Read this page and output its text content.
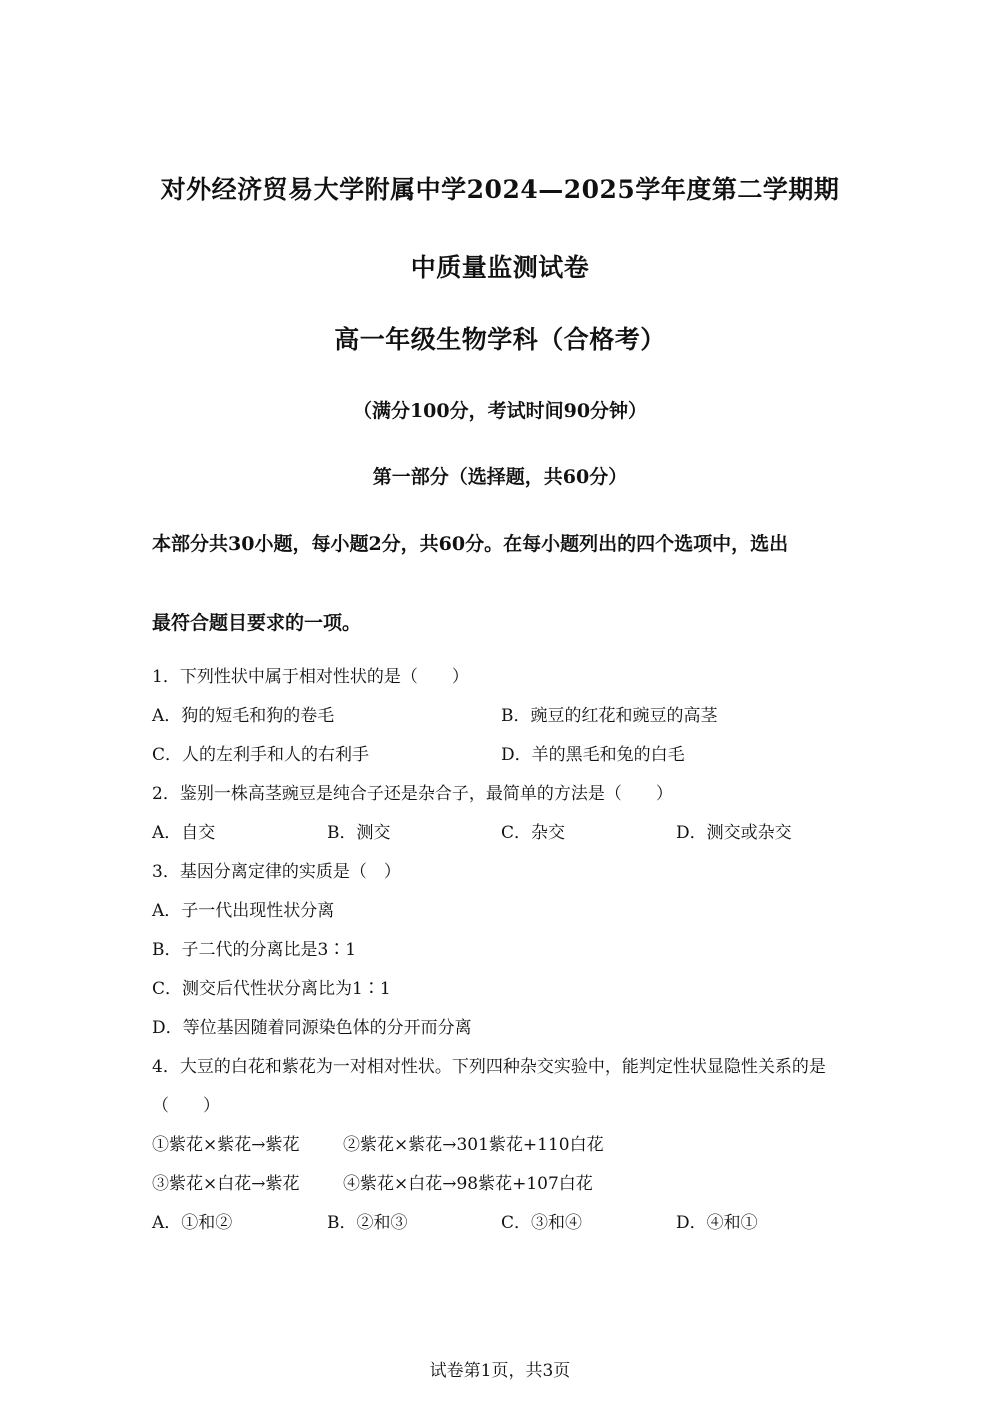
对外经济贸易大学附属中学2024—2025学年度第二学期期
中质量监测试卷
高一年级生物学科（合格考）
（满分100分，考试时间90分钟）
第一部分（选择题，共60分）
本部分共30小题，每小题2分，共60分。在每小题列出的四个选项中，选出
最符合题目要求的一项。
1．下列性状中属于相对性状的是（　　）
A．狗的短毛和狗的卷毛	B．豌豆的红花和豌豆的高茎
C．人的左利手和人的右利手	D．羊的黑毛和兔的白毛
2．鉴别一株高茎豌豆是纯合子还是杂合子，最简单的方法是（　　）
A．自交	B．测交	C．杂交	D．测交或杂交
3．基因分离定律的实质是（　）
A．子一代出现性状分离
B．子二代的分离比是3∶1
C．测交后代性状分离比为1∶1
D．等位基因随着同源染色体的分开而分离
4．大豆的白花和紫花为一对相对性状。下列四种杂交实验中，能判定性状显隐性关系的是
（　　）
①紫花×紫花→紫花	②紫花×紫花→301紫花+110白花
③紫花×白花→紫花	④紫花×白花→98紫花+107白花
A．①和②	B．②和③	C．③和④	D．④和①
试卷第1页，共3页
